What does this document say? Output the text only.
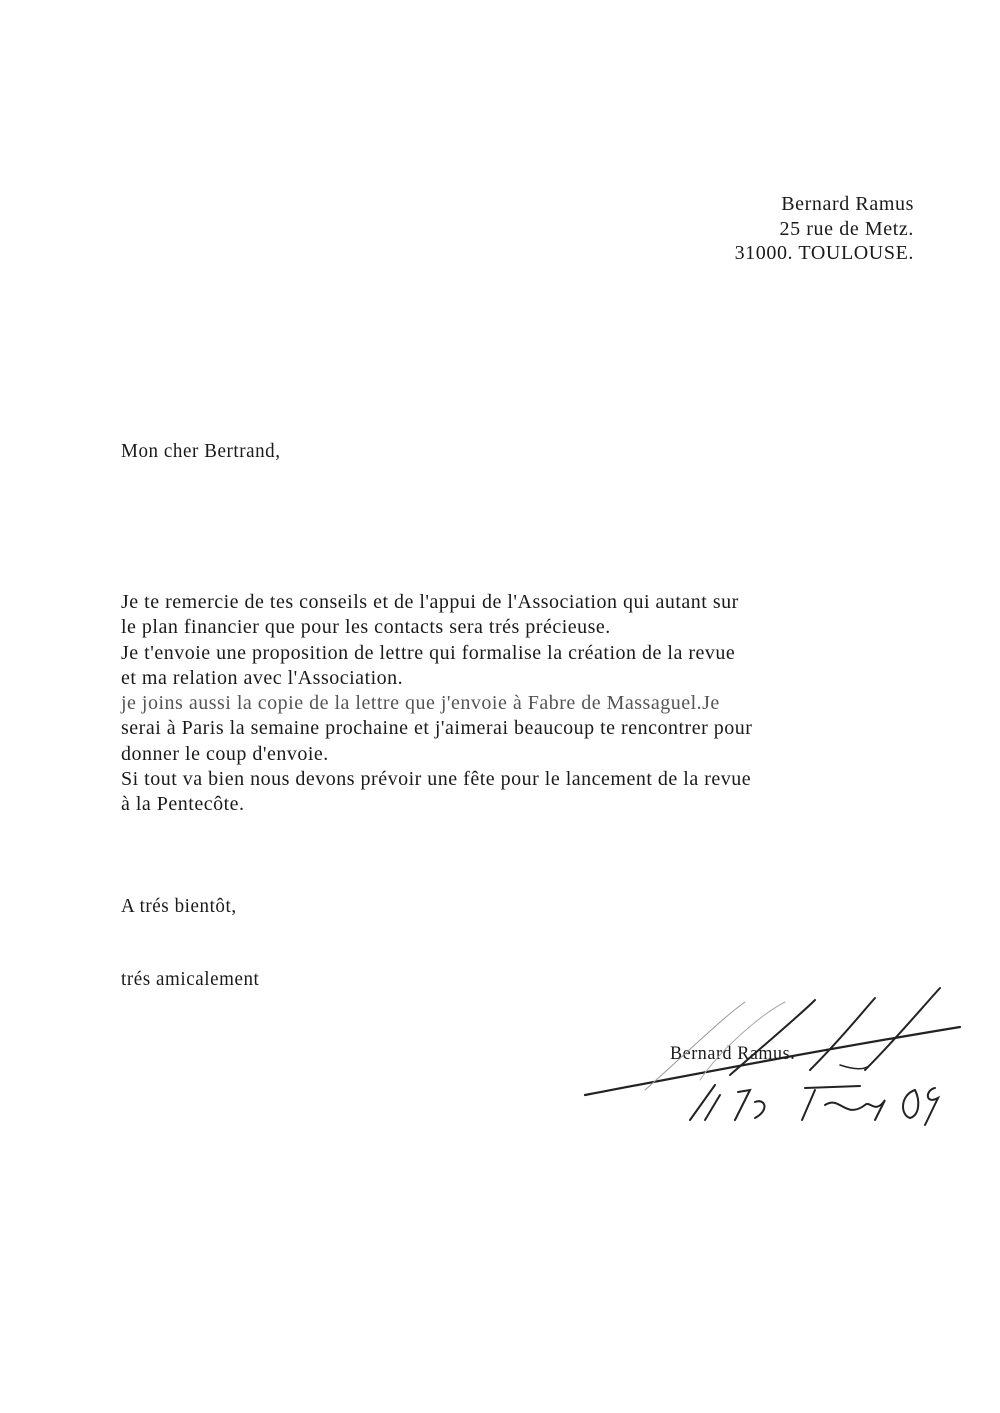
Bernard Ramus
25 rue de Metz.
31000. TOULOUSE.
Mon cher Bertrand,
Je te remercie de tes conseils et de l'appui de l'Association qui autant sur
le plan financier que pour les contacts sera trés précieuse.
Je t'envoie une proposition de lettre qui formalise la création de la revue
et ma relation avec l'Association.
je joins aussi la copie de la lettre que j'envoie à Fabre de Massaguel.Je
serai à Paris la semaine prochaine et j'aimerai beaucoup te rencontrer pour
donner le coup d'envoie.
Si tout va bien nous devons prévoir une fête pour le lancement de la revue
à la Pentecôte.
A trés bientôt,
trés amicalement
Bernard Ramus.
